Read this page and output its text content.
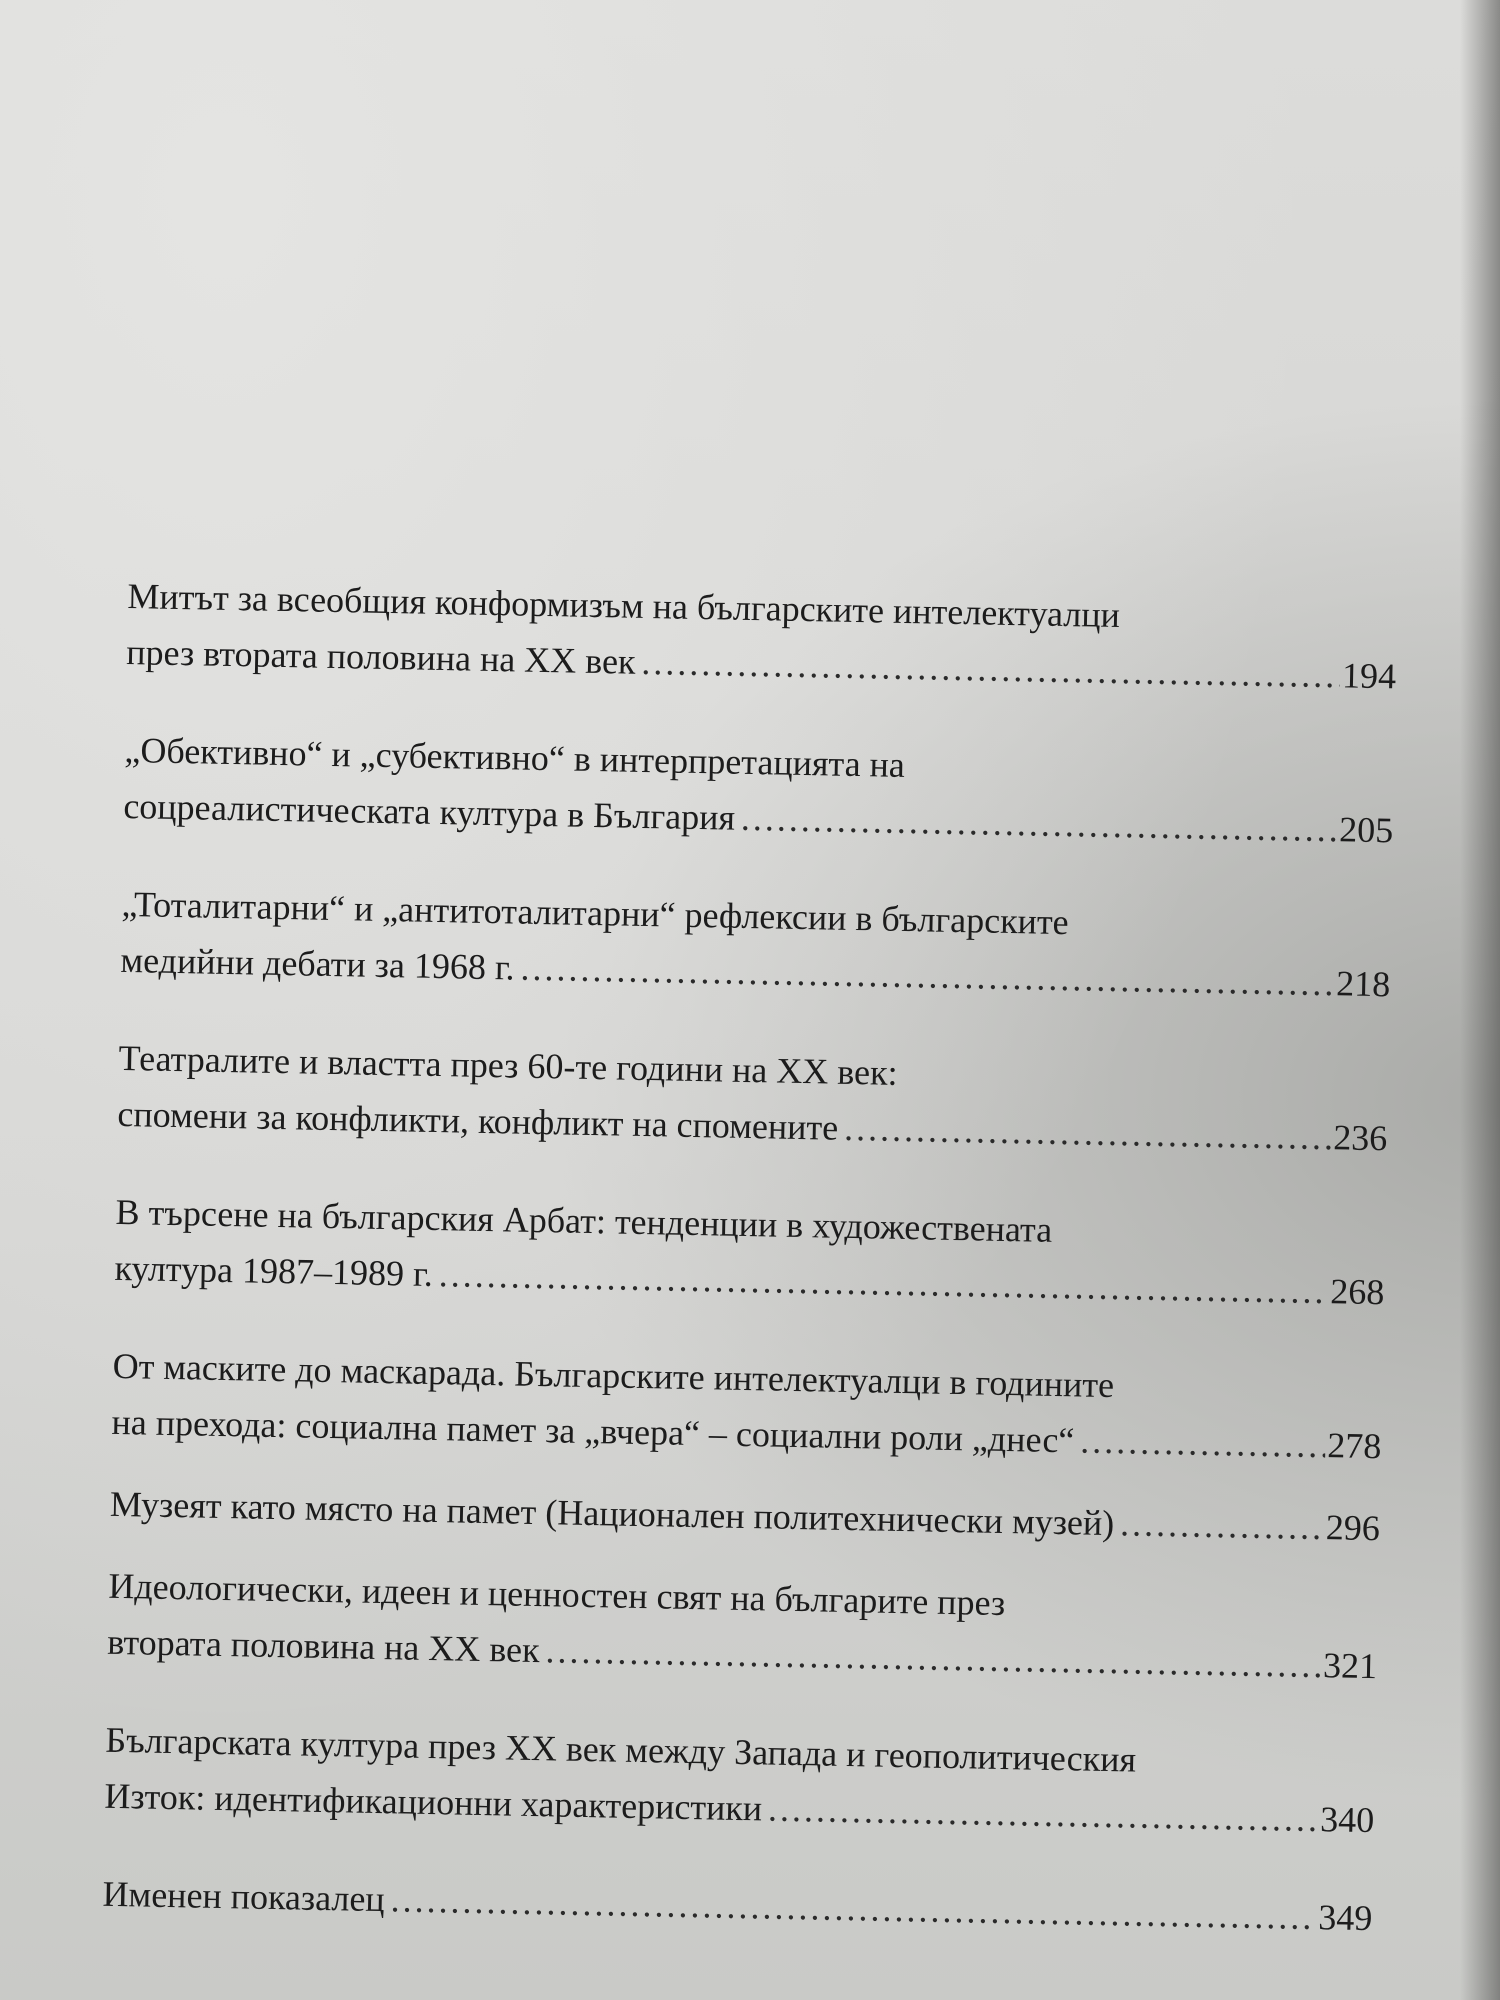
Митът за всеобщия конформизъм на българските интелектуалци
през втората половина на XX век .....	194
„Обективно“ и „субективно“ в интерпретацията на
соцреалистическата култура в България .....	205
„Тоталитарни“ и „антитоталитарни“ рефлексии в българските
медийни дебати за 1968 г. .....	218
Театралите и властта през 60-те години на XX век:
спомени за конфликти, конфликт на спомените .....	236
В търсене на българския Арбат: тенденции в художествената
култура 1987–1989 г. .....	268
От маските до маскарада. Българските интелектуалци в годините
на прехода: социална памет за „вчера“ – социални роли „днес“ .....	278
Музеят като място на памет (Национален политехнически музей) .....	296
Идеологически, идеен и ценностен свят на българите през
втората половина на XX век .....	321
Българската култура през XX век между Запада и геополитическия
Изток: идентификационни характеристики .....	340
Именен показалец .....	349
